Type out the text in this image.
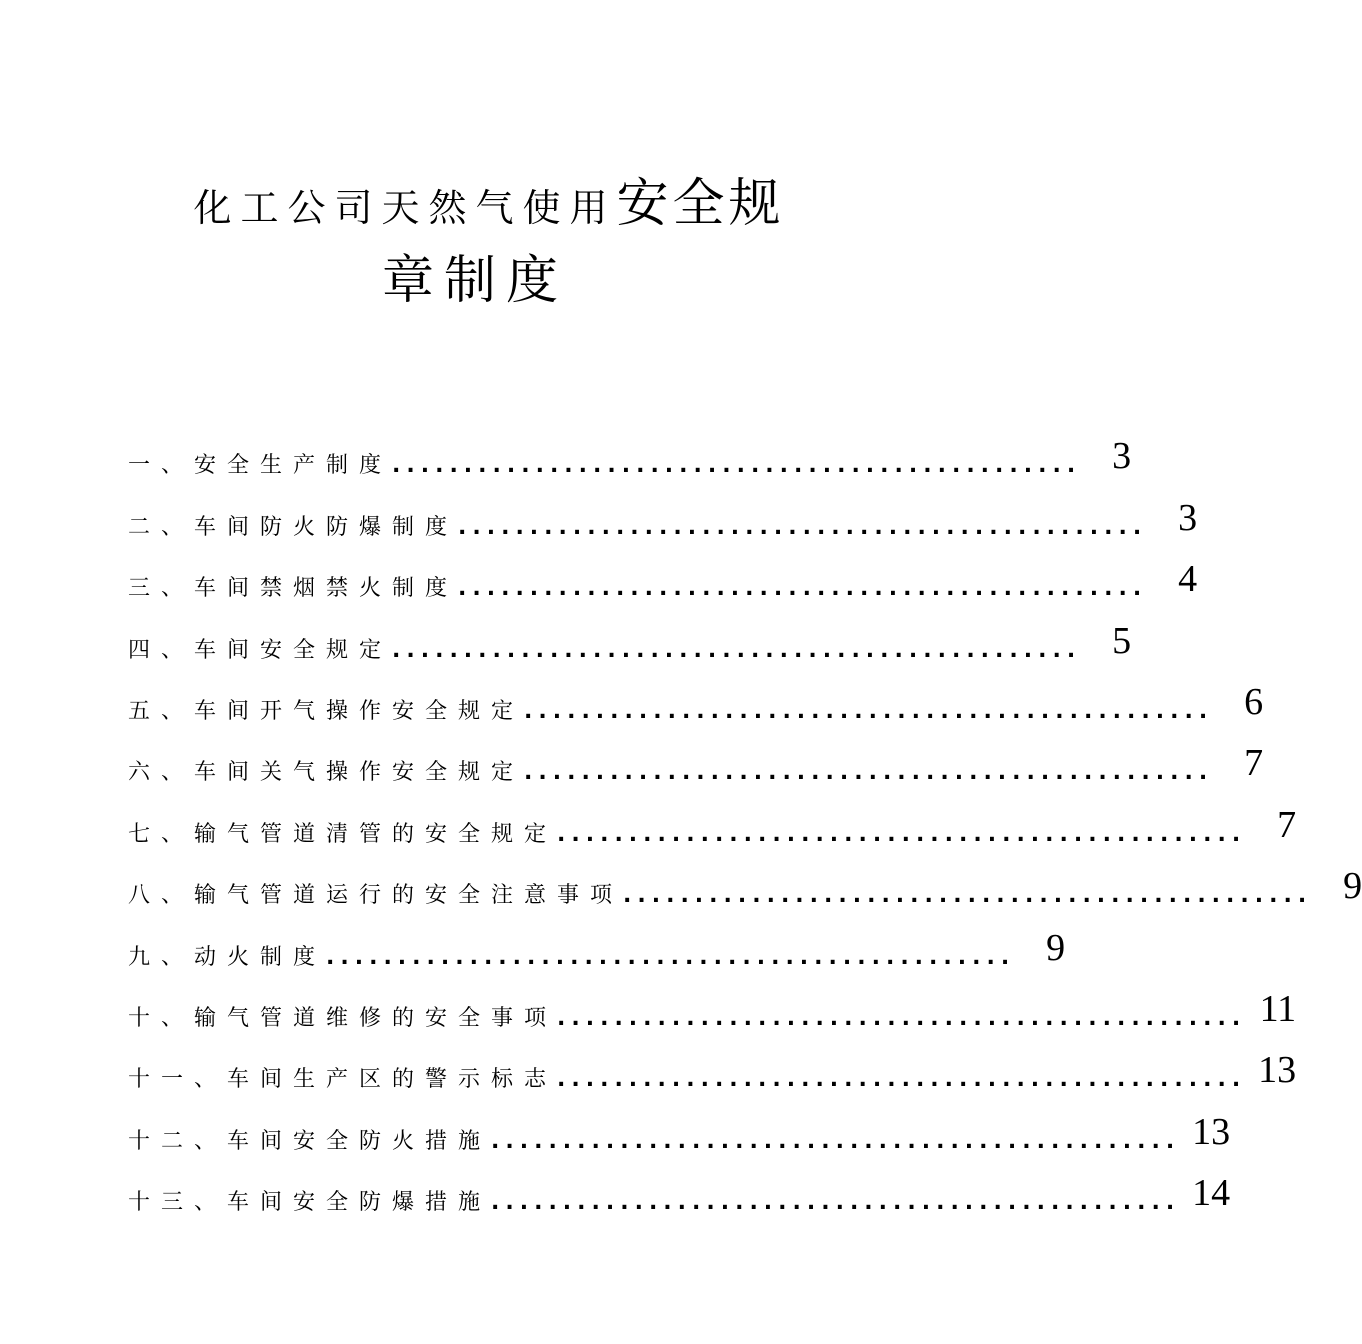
化工公司天然气使用安全规
章制度
一、安全生产制度 ................................................ 3
二、车间防火防爆制度 ................................................ 3
三、车间禁烟禁火制度 ................................................ 4
四、车间安全规定 ................................................ 5
五、车间开气操作安全规定 ................................................ 6
六、车间关气操作安全规定 ................................................ 7
七、输气管道清管的安全规定 ................................................ 7
八、输气管道运行的安全注意事项 ................................................ 9
九、动火制度 ................................................ 9
十、输气管道维修的安全事项 ................................................ 11
十一、车间生产区的警示标志 ................................................ 13
十二、车间安全防火措施 ................................................ 13
十三、车间安全防爆措施 ................................................ 14
